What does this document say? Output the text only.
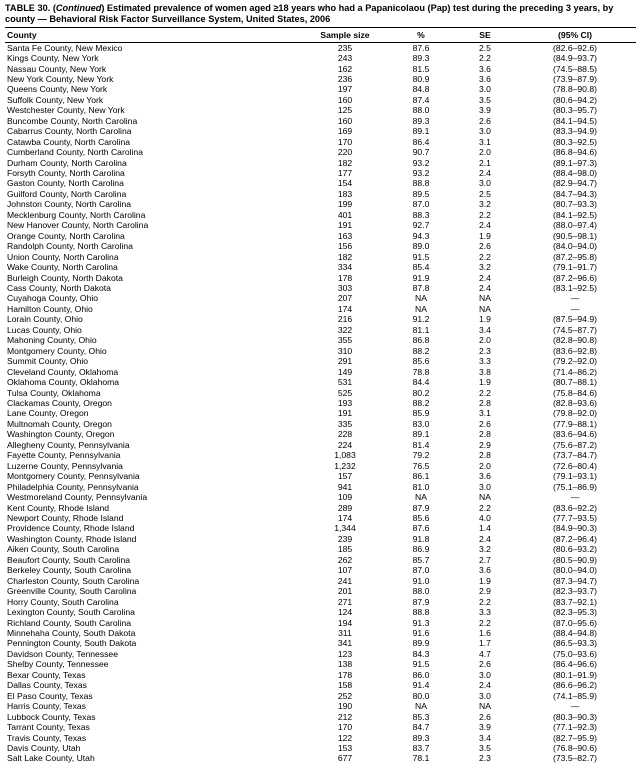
TABLE 30. (Continued) Estimated prevalence of women aged ≥18 years who had a Papanicolaou (Pap) test during the preceding 3 years, by county — Behavioral Risk Factor Surveillance System, United States, 2006
County	Sample size	%	SE	(95% CI)
Santa Fe County, New Mexico	235	87.6	2.5	(82.6–92.6)
Kings County, New York	243	89.3	2.2	(84.9–93.7)
Nassau County, New York	162	81.5	3.6	(74.5–88.5)
New York County, New York	236	80.9	3.6	(73.9–87.9)
Queens County, New York	197	84.8	3.0	(78.8–90.8)
Suffolk County, New York	160	87.4	3.5	(80.6–94.2)
Westchester County, New York	125	88.0	3.9	(80.3–95.7)
Buncombe County, North Carolina	160	89.3	2.6	(84.1–94.5)
Cabarrus County, North Carolina	169	89.1	3.0	(83.3–94.9)
Catawba County, North Carolina	170	86.4	3.1	(80.3–92.5)
Cumberland County, North Carolina	220	90.7	2.0	(86.8–94.6)
Durham County, North Carolina	182	93.2	2.1	(89.1–97.3)
Forsyth County, North Carolina	177	93.2	2.4	(88.4–98.0)
Gaston County, North Carolina	154	88.8	3.0	(82.9–94.7)
Guilford County, North Carolina	183	89.5	2.5	(84.7–94.3)
Johnston County, North Carolina	199	87.0	3.2	(80.7–93.3)
Mecklenburg County, North Carolina	401	88.3	2.2	(84.1–92.5)
New Hanover County, North Carolina	191	92.7	2.4	(88.0–97.4)
Orange County, North Carolina	163	94.3	1.9	(90.5–98.1)
Randolph County, North Carolina	156	89.0	2.6	(84.0–94.0)
Union County, North Carolina	182	91.5	2.2	(87.2–95.8)
Wake County, North Carolina	334	85.4	3.2	(79.1–91.7)
Burleigh County, North Dakota	178	91.9	2.4	(87.2–96.6)
Cass County, North Dakota	303	87.8	2.4	(83.1–92.5)
Cuyahoga County, Ohio	207	NA	NA	—
Hamilton County, Ohio	174	NA	NA	—
Lorain County, Ohio	216	91.2	1.9	(87.5–94.9)
Lucas County, Ohio	322	81.1	3.4	(74.5–87.7)
Mahoning County, Ohio	355	86.8	2.0	(82.8–90.8)
Montgomery County, Ohio	310	88.2	2.3	(83.6–92.8)
Summit County, Ohio	291	85.6	3.3	(79.2–92.0)
Cleveland County, Oklahoma	149	78.8	3.8	(71.4–86.2)
Oklahoma County, Oklahoma	531	84.4	1.9	(80.7–88.1)
Tulsa County, Oklahoma	525	80.2	2.2	(75.8–84.6)
Clackamas County, Oregon	193	88.2	2.8	(82.8–93.6)
Lane County, Oregon	191	85.9	3.1	(79.8–92.0)
Multnomah County, Oregon	335	83.0	2.6	(77.9–88.1)
Washington County, Oregon	228	89.1	2.8	(83.6–94.6)
Allegheny County, Pennsylvania	224	81.4	2.9	(75.6–87.2)
Fayette County, Pennsylvania	1,083	79.2	2.8	(73.7–84.7)
Luzerne County, Pennsylvania	1,232	76.5	2.0	(72.6–80.4)
Montgomery County, Pennsylvania	157	86.1	3.6	(79.1–93.1)
Philadelphia County, Pennsylvania	941	81.0	3.0	(75.1–86.9)
Westmoreland County, Pennsylvania	109	NA	NA	—
Kent County, Rhode Island	289	87.9	2.2	(83.6–92.2)
Newport County, Rhode Island	174	85.6	4.0	(77.7–93.5)
Providence County, Rhode Island	1,344	87.6	1.4	(84.9–90.3)
Washington County, Rhode Island	239	91.8	2.4	(87.2–96.4)
Aiken County, South Carolina	185	86.9	3.2	(80.6–93.2)
Beaufort County, South Carolina	262	85.7	2.7	(80.5–90.9)
Berkeley County, South Carolina	107	87.0	3.6	(80.0–94.0)
Charleston County, South Carolina	241	91.0	1.9	(87.3–94.7)
Greenville County, South Carolina	201	88.0	2.9	(82.3–93.7)
Horry County, South Carolina	271	87.9	2.2	(83.7–92.1)
Lexington County, South Carolina	124	88.8	3.3	(82.3–95.3)
Richland County, South Carolina	194	91.3	2.2	(87.0–95.6)
Minnehaha County, South Dakota	311	91.6	1.6	(88.4–94.8)
Pennington County, South Dakota	341	89.9	1.7	(86.5–93.3)
Davidson County, Tennessee	123	84.3	4.7	(75.0–93.6)
Shelby County, Tennessee	138	91.5	2.6	(86.4–96.6)
Bexar County, Texas	178	86.0	3.0	(80.1–91.9)
Dallas County, Texas	158	91.4	2.4	(86.6–96.2)
El Paso County, Texas	252	80.0	3.0	(74.1–85.9)
Harris County, Texas	190	NA	NA	—
Lubbock County, Texas	212	85.3	2.6	(80.3–90.3)
Tarrant County, Texas	170	84.7	3.9	(77.1–92.3)
Travis County, Texas	122	89.3	3.4	(82.7–95.9)
Davis County, Utah	153	83.7	3.5	(76.8–90.6)
Salt Lake County, Utah	677	78.1	2.3	(73.5–82.7)
